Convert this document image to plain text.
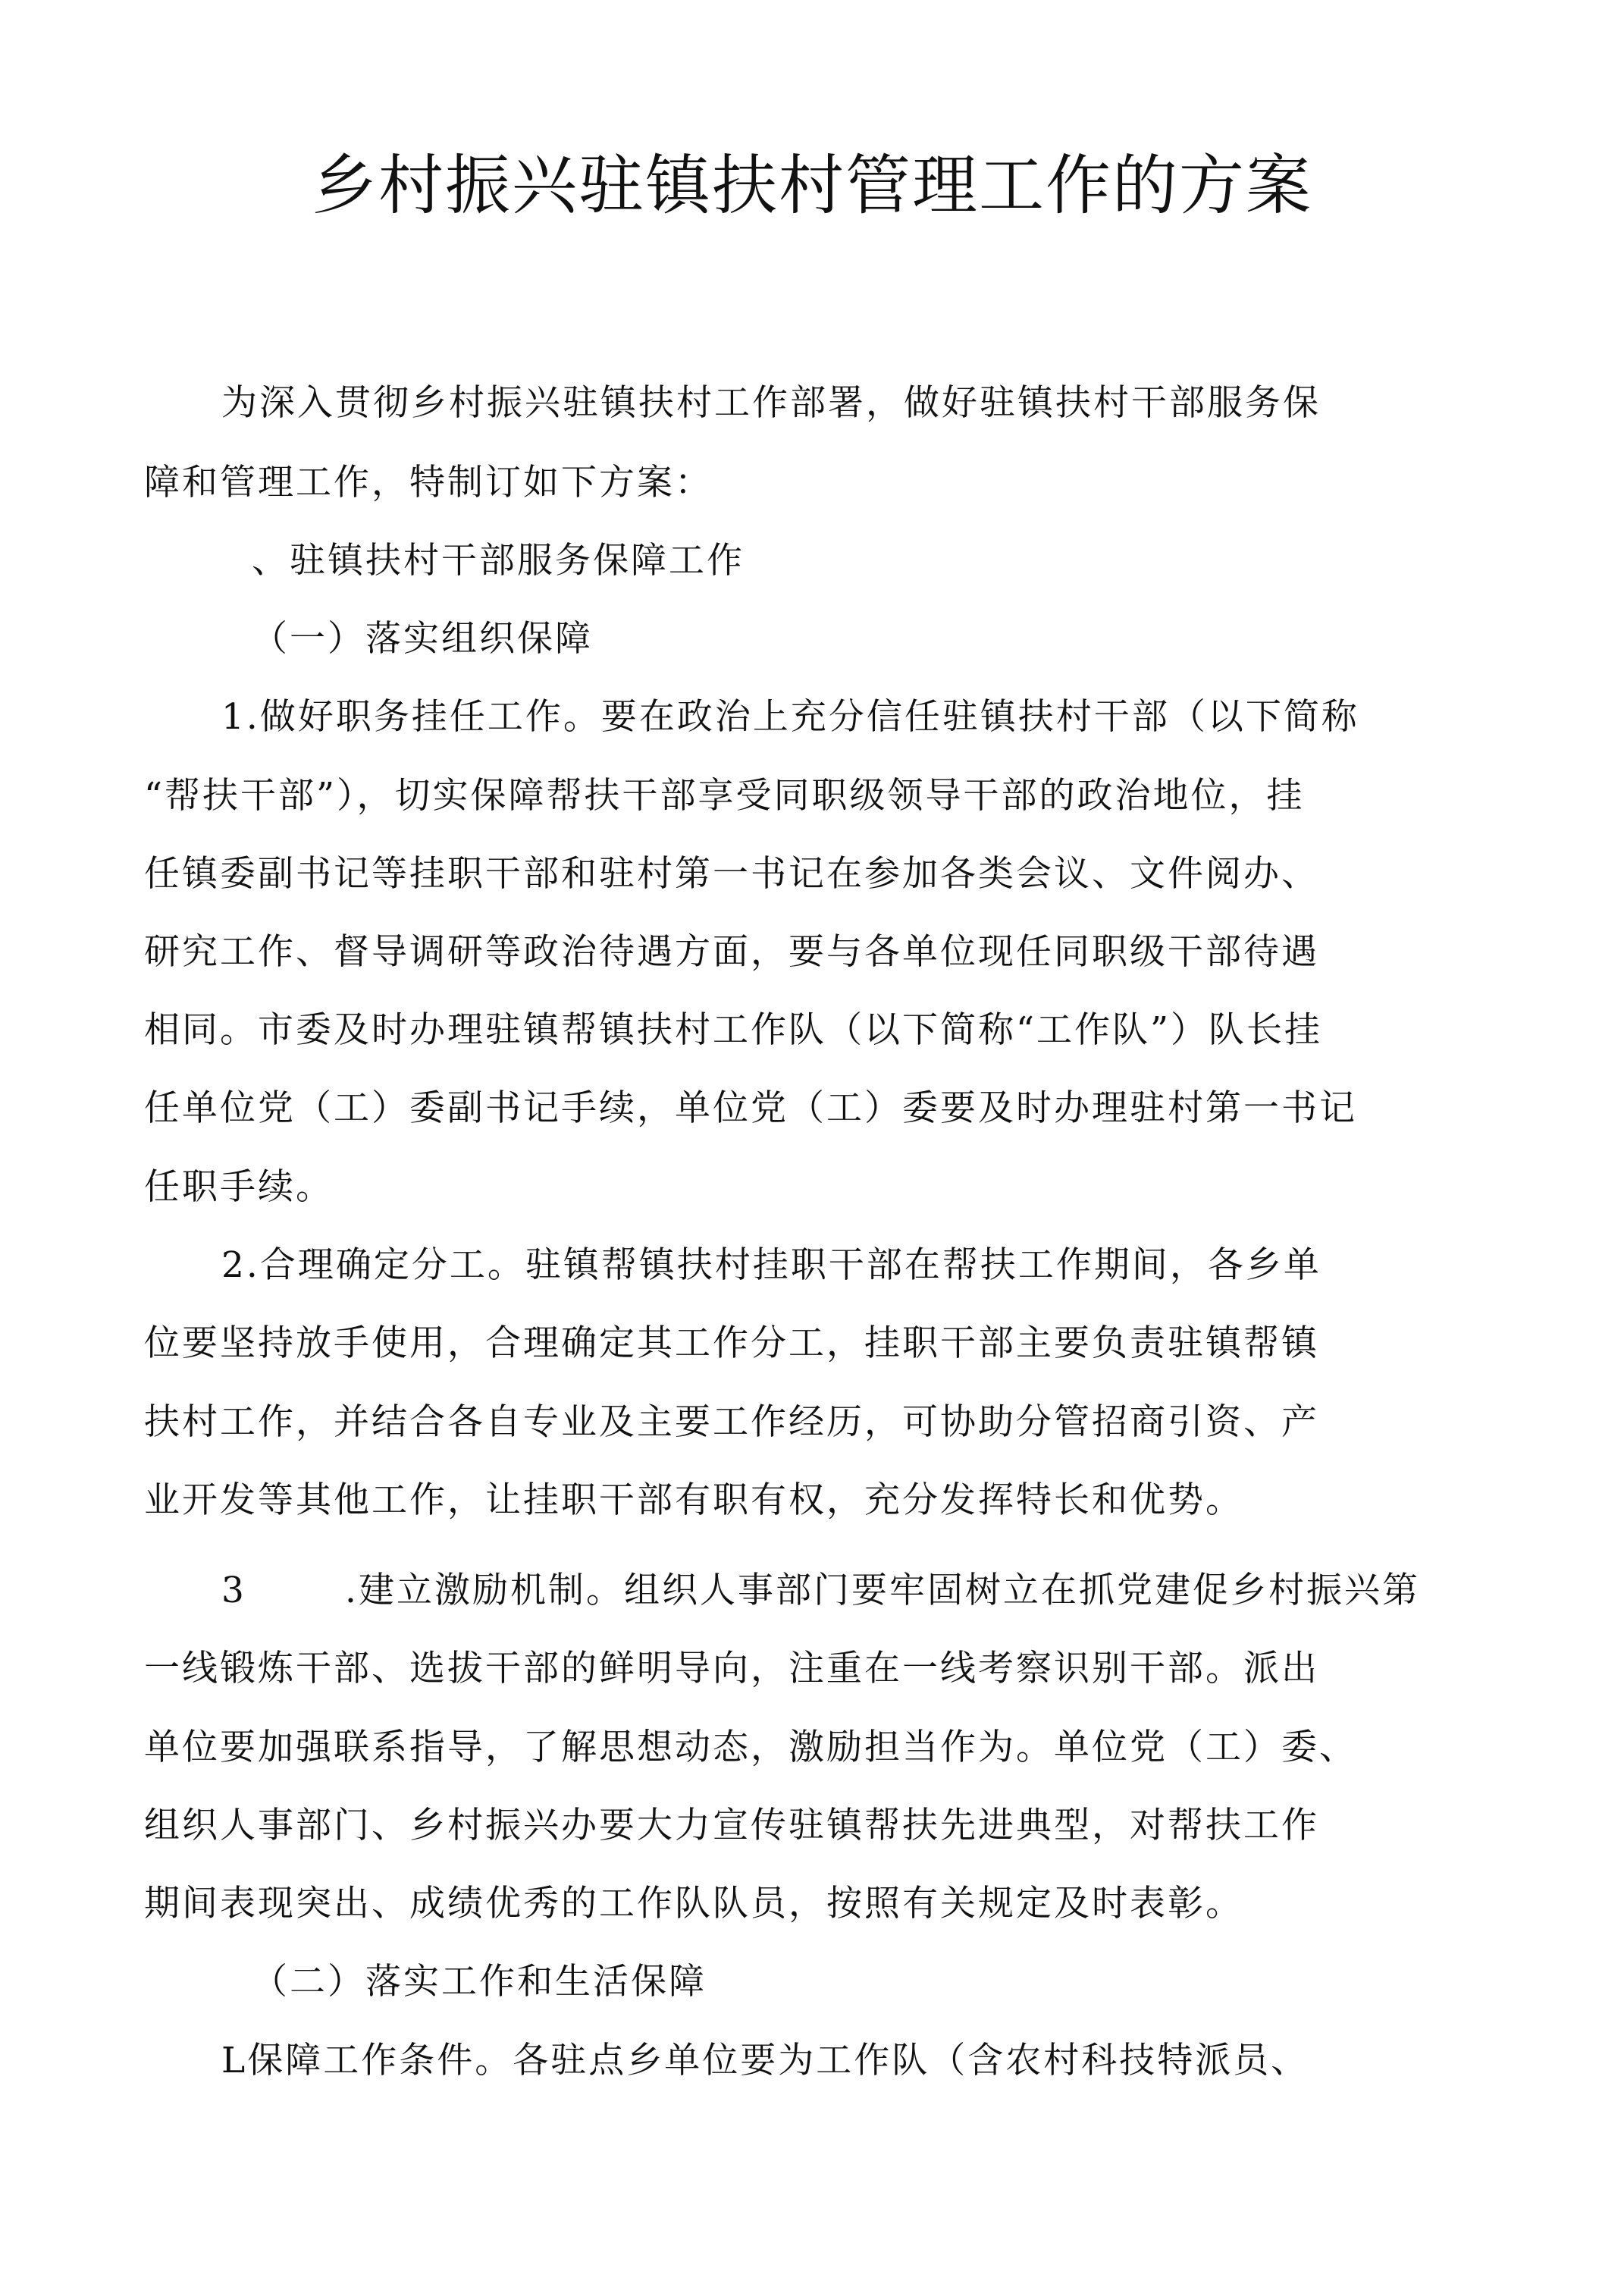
乡村振兴驻镇扶村管理工作的方案
为深入贯彻乡村振兴驻镇扶村工作部署，做好驻镇扶村干部服务保
障和管理工作，特制订如下方案：
、驻镇扶村干部服务保障工作
（一）落实组织保障
1.做好职务挂任工作。要在政治上充分信任驻镇扶村干部（以下简称
“帮扶干部”），切实保障帮扶干部享受同职级领导干部的政治地位，挂
任镇委副书记等挂职干部和驻村第一书记在参加各类会议、文件阅办、
研究工作、督导调研等政治待遇方面，要与各单位现任同职级干部待遇
相同。市委及时办理驻镇帮镇扶村工作队（以下简称“工作队”）队长挂
任单位党（工）委副书记手续，单位党（工）委要及时办理驻村第一书记
任职手续。
2.合理确定分工。驻镇帮镇扶村挂职干部在帮扶工作期间，各乡单
位要坚持放手使用，合理确定其工作分工，挂职干部主要负责驻镇帮镇
扶村工作，并结合各自专业及主要工作经历，可协助分管招商引资、产
业开发等其他工作，让挂职干部有职有权，充分发挥特长和优势。
3	.建立激励机制。组织人事部门要牢固树立在抓党建促乡村振兴第
一线锻炼干部、选拔干部的鲜明导向，注重在一线考察识别干部。派出
单位要加强联系指导，了解思想动态，激励担当作为。单位党（工）委、
组织人事部门、乡村振兴办要大力宣传驻镇帮扶先进典型，对帮扶工作
期间表现突出、成绩优秀的工作队队员，按照有关规定及时表彰。
（二）落实工作和生活保障
L保障工作条件。各驻点乡单位要为工作队（含农村科技特派员、
